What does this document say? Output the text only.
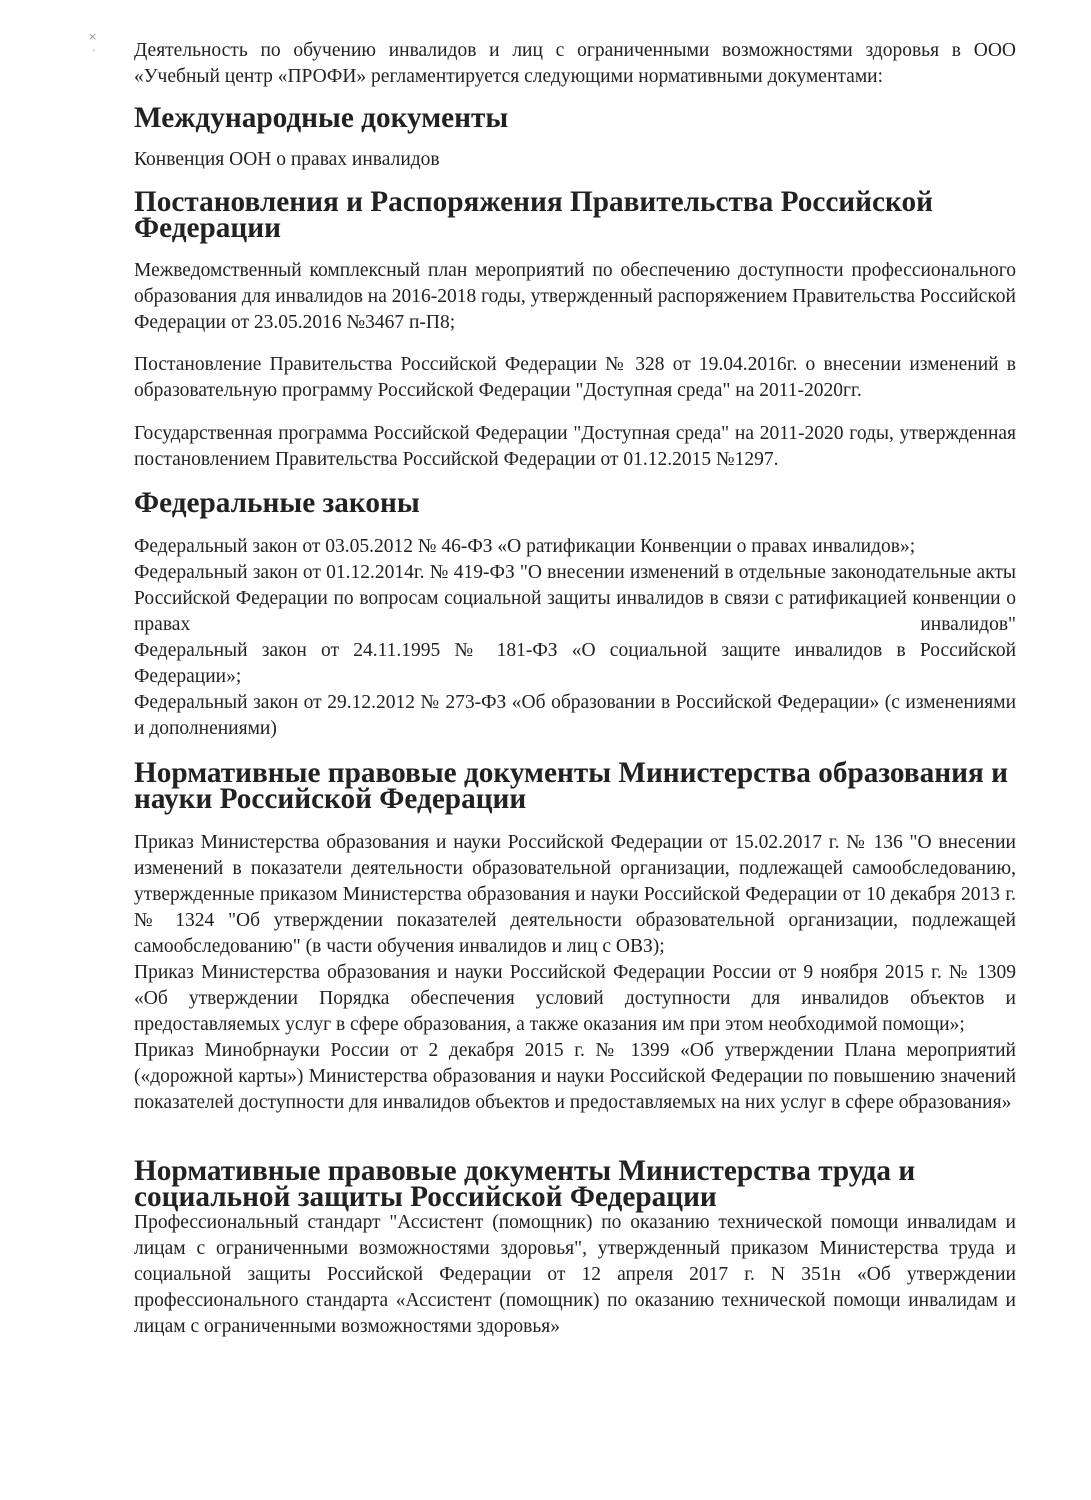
×
· Деятельность по обучению инвалидов и лиц с ограниченными возможностями здоровья в ООО «Учебный центр «ПРОФИ» регламентируется следующими нормативными документами:

Международные документы

Конвенция ООН о правах инвалидов

Постановления и Распоряжения Правительства Российской Федерации

Межведомственный комплексный план мероприятий по обеспечению доступности профессионального образования для инвалидов на 2016-2018 годы, утвержденный распоряжением Правительства Российской Федерации от 23.05.2016 №3467 п-П8;

Постановление Правительства Российской Федерации № 328 от 19.04.2016г. о внесении изменений в образовательную программу Российской Федерации "Доступная среда" на 2011-2020гг.

Государственная программа Российской Федерации "Доступная среда" на 2011-2020 годы, утвержденная постановлением Правительства Российской Федерации от 01.12.2015 №1297.

Федеральные законы

Федеральный закон от 03.05.2012 № 46-ФЗ «О ратификации Конвенции о правах инвалидов»;

Федеральный закон от 01.12.2014г. № 419-ФЗ "О внесении изменений в отдельные законодательные акты Российской Федерации по вопросам социальной защиты инвалидов в связи с ратификацией конвенции о правах инвалидов"

Федеральный закон от 24.11.1995 № 181-ФЗ «О социальной защите инвалидов в Российской Федерации»;

Федеральный закон от 29.12.2012 № 273-ФЗ «Об образовании в Российской Федерации» (с изменениями и дополнениями)

Нормативные правовые документы Министерства образования и науки Российской Федерации

Приказ Министерства образования и науки Российской Федерации от 15.02.2017 г. № 136 "О внесении изменений в показатели деятельности образовательной организации, подлежащей самообследованию, утвержденные приказом Министерства образования и науки Российской Федерации от 10 декабря 2013 г. № 1324 "Об утверждении показателей деятельности образовательной организации, подлежащей самообследованию" (в части обучения инвалидов и лиц с ОВЗ);

Приказ Министерства образования и науки Российской Федерации России от 9 ноября 2015 г. № 1309 «Об утверждении Порядка обеспечения условий доступности для инвалидов объектов и предоставляемых услуг в сфере образования, а также оказания им при этом необходимой помощи»;

Приказ Минобрнауки России от 2 декабря 2015 г. № 1399 «Об утверждении Плана мероприятий («дорожной карты») Министерства образования и науки Российской Федерации по повышению значений показателей доступности для инвалидов объектов и предоставляемых на них услуг в сфере образования»

Нормативные правовые документы Министерства труда и социальной защиты Российской Федерации

Профессиональный стандарт "Ассистент (помощник) по оказанию технической помощи инвалидам и лицам с ограниченными возможностями здоровья", утвержденный приказом Министерства труда и социальной защиты Российской Федерации от 12 апреля 2017 г. N 351н «Об утверждении профессионального стандарта «Ассистент (помощник) по оказанию технической помощи инвалидам и лицам с ограниченными возможностями здоровья»
